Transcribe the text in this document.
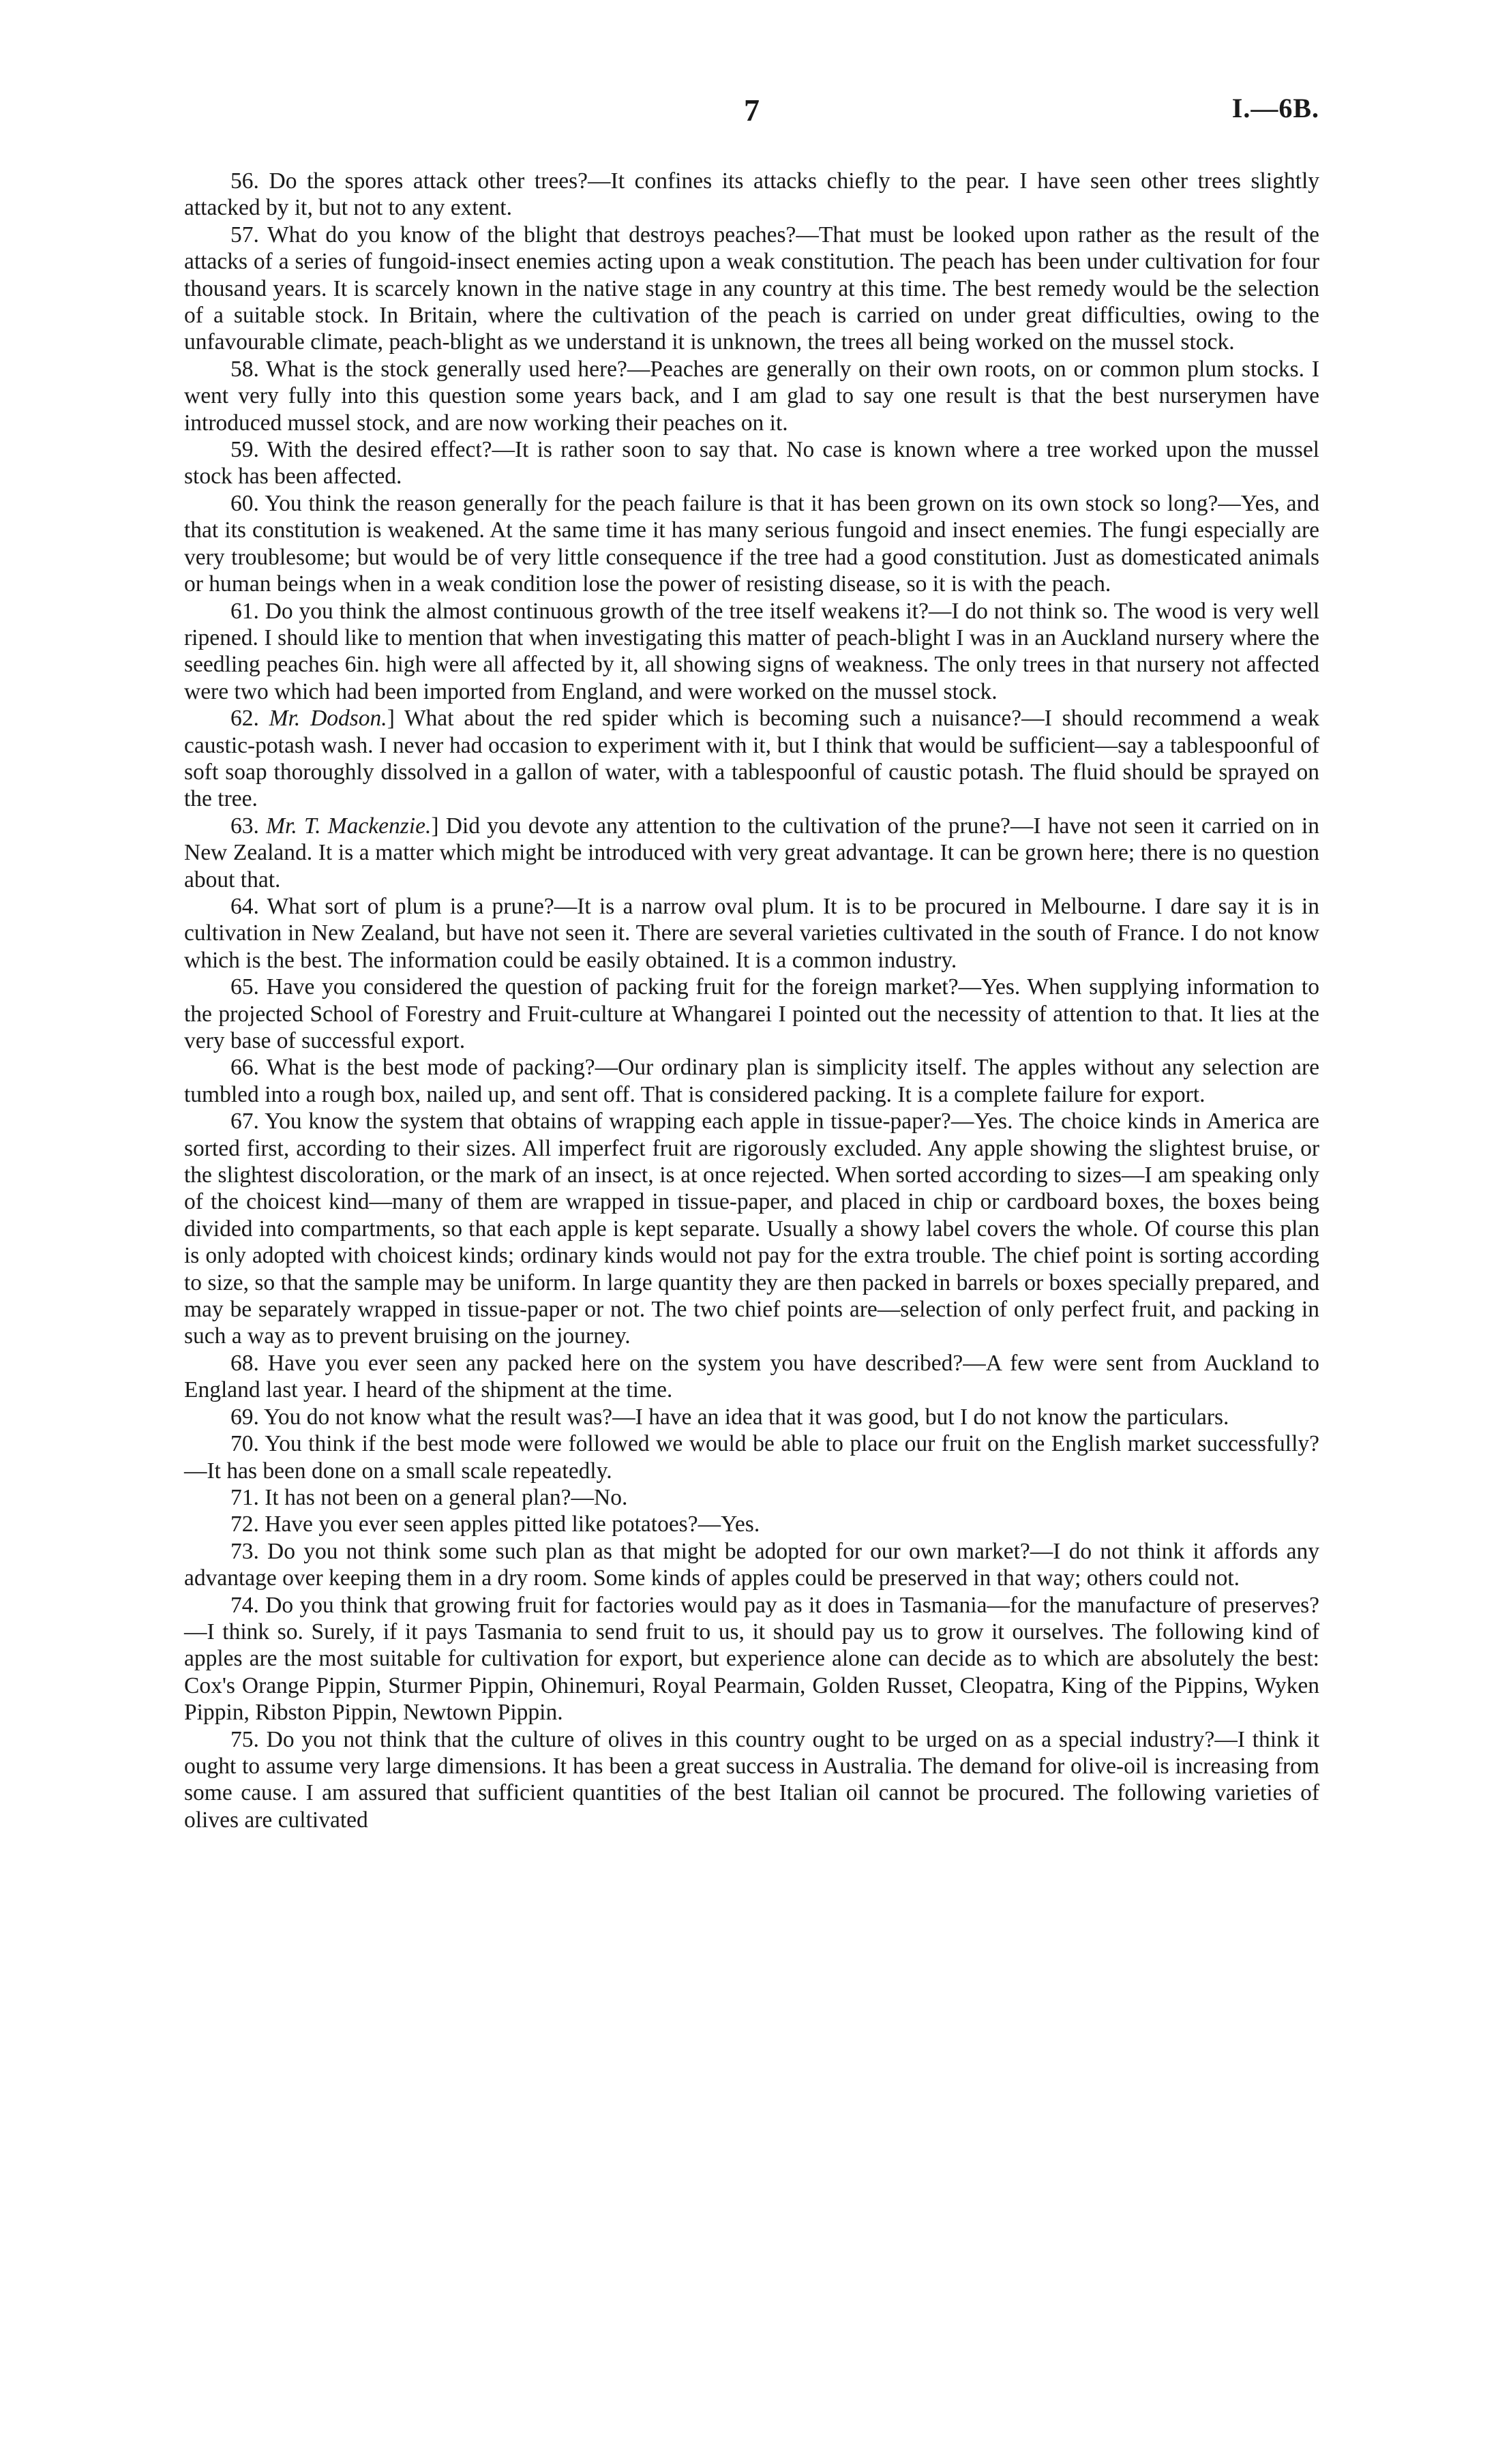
7	I.—6B.

56. Do the spores attack other trees?—It confines its attacks chiefly to the pear. I have seen other trees slightly attacked by it, but not to any extent.

57. What do you know of the blight that destroys peaches?—That must be looked upon rather as the result of the attacks of a series of fungoid-insect enemies acting upon a weak constitution. The peach has been under cultivation for four thousand years. It is scarcely known in the native stage in any country at this time. The best remedy would be the selection of a suitable stock. In Britain, where the cultivation of the peach is carried on under great difficulties, owing to the unfavourable climate, peach-blight as we understand it is unknown, the trees all being worked on the mussel stock.

58. What is the stock generally used here?—Peaches are generally on their own roots, on or common plum stocks. I went very fully into this question some years back, and I am glad to say one result is that the best nurserymen have introduced mussel stock, and are now working their peaches on it.

59. With the desired effect?—It is rather soon to say that. No case is known where a tree worked upon the mussel stock has been affected.

60. You think the reason generally for the peach failure is that it has been grown on its own stock so long?—Yes, and that its constitution is weakened. At the same time it has many serious fungoid and insect enemies. The fungi especially are very troublesome; but would be of very little consequence if the tree had a good constitution. Just as domesticated animals or human beings when in a weak condition lose the power of resisting disease, so it is with the peach.

61. Do you think the almost continuous growth of the tree itself weakens it?—I do not think so. The wood is very well ripened. I should like to mention that when investigating this matter of peach-blight I was in an Auckland nursery where the seedling peaches 6in. high were all affected by it, all showing signs of weakness. The only trees in that nursery not affected were two which had been imported from England, and were worked on the mussel stock.

62. Mr. Dodson.] What about the red spider which is becoming such a nuisance?—I should recommend a weak caustic-potash wash. I never had occasion to experiment with it, but I think that would be sufficient—say a tablespoonful of soft soap thoroughly dissolved in a gallon of water, with a tablespoonful of caustic potash. The fluid should be sprayed on the tree.

63. Mr. T. Mackenzie.] Did you devote any attention to the cultivation of the prune?—I have not seen it carried on in New Zealand. It is a matter which might be introduced with very great advantage. It can be grown here; there is no question about that.

64. What sort of plum is a prune?—It is a narrow oval plum. It is to be procured in Melbourne. I dare say it is in cultivation in New Zealand, but have not seen it. There are several varieties cultivated in the south of France. I do not know which is the best. The information could be easily obtained. It is a common industry.

65. Have you considered the question of packing fruit for the foreign market?—Yes. When supplying information to the projected School of Forestry and Fruit-culture at Whangarei I pointed out the necessity of attention to that. It lies at the very base of successful export.

66. What is the best mode of packing?—Our ordinary plan is simplicity itself. The apples without any selection are tumbled into a rough box, nailed up, and sent off. That is considered packing. It is a complete failure for export.

67. You know the system that obtains of wrapping each apple in tissue-paper?—Yes. The choice kinds in America are sorted first, according to their sizes. All imperfect fruit are rigorously excluded. Any apple showing the slightest bruise, or the slightest discoloration, or the mark of an insect, is at once rejected. When sorted according to sizes—I am speaking only of the choicest kind—many of them are wrapped in tissue-paper, and placed in chip or cardboard boxes, the boxes being divided into compartments, so that each apple is kept separate. Usually a showy label covers the whole. Of course this plan is only adopted with choicest kinds; ordinary kinds would not pay for the extra trouble. The chief point is sorting according to size, so that the sample may be uniform. In large quantity they are then packed in barrels or boxes specially prepared, and may be separately wrapped in tissue-paper or not. The two chief points are—selection of only perfect fruit, and packing in such a way as to prevent bruising on the journey.

68. Have you ever seen any packed here on the system you have described?—A few were sent from Auckland to England last year. I heard of the shipment at the time.

69. You do not know what the result was?—I have an idea that it was good, but I do not know the particulars.

70. You think if the best mode were followed we would be able to place our fruit on the English market successfully?—It has been done on a small scale repeatedly.

71. It has not been on a general plan?—No.

72. Have you ever seen apples pitted like potatoes?—Yes.

73. Do you not think some such plan as that might be adopted for our own market?—I do not think it affords any advantage over keeping them in a dry room. Some kinds of apples could be preserved in that way; others could not.

74. Do you think that growing fruit for factories would pay as it does in Tasmania—for the manufacture of preserves?—I think so. Surely, if it pays Tasmania to send fruit to us, it should pay us to grow it ourselves. The following kind of apples are the most suitable for cultivation for export, but experience alone can decide as to which are absolutely the best: Cox's Orange Pippin, Sturmer Pippin, Ohinemuri, Royal Pearmain, Golden Russet, Cleopatra, King of the Pippins, Wyken Pippin, Ribston Pippin, Newtown Pippin.

75. Do you not think that the culture of olives in this country ought to be urged on as a special industry?—I think it ought to assume very large dimensions. It has been a great success in Australia. The demand for olive-oil is increasing from some cause. I am assured that sufficient quantities of the best Italian oil cannot be procured. The following varieties of olives are cultivated
